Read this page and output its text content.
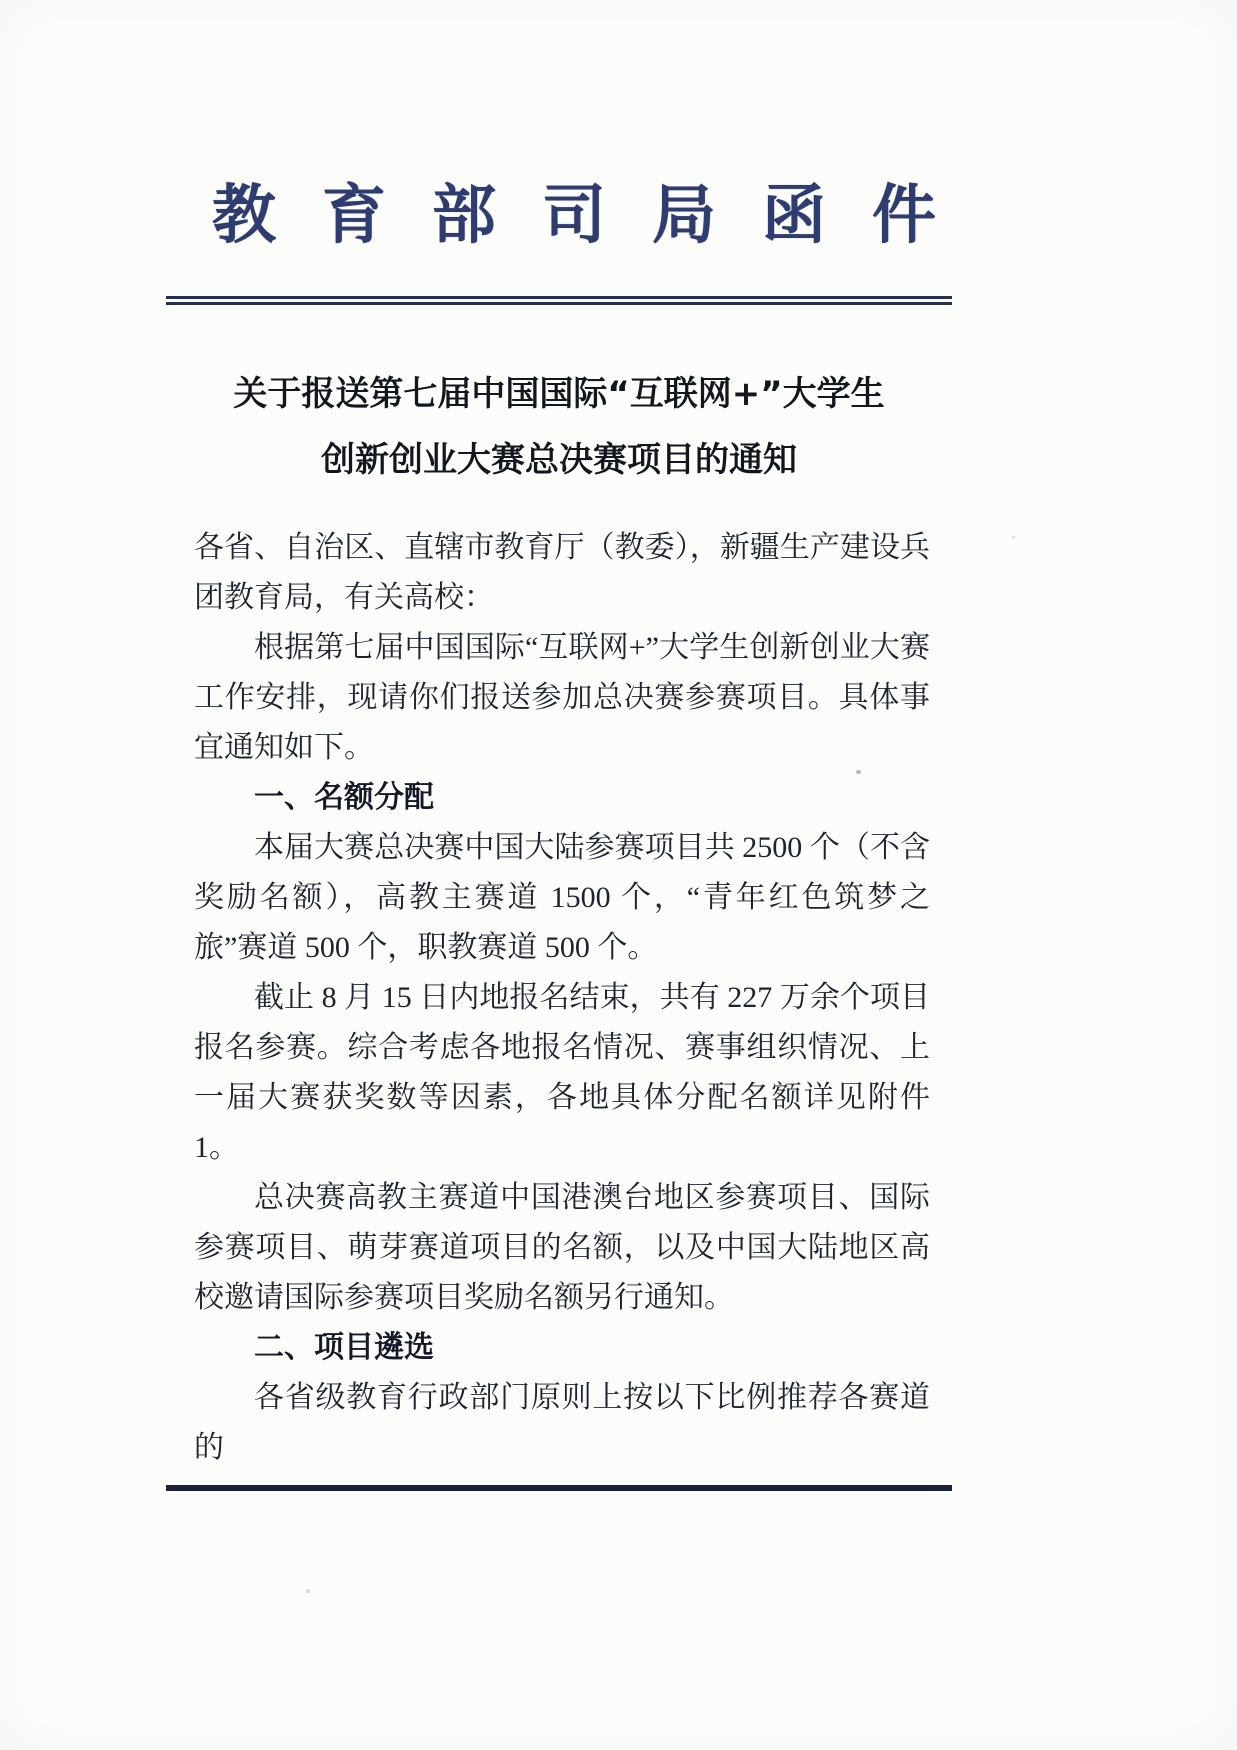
教育部司局函件
关于报送第七届中国国际“互联网+”大学生
创新创业大赛总决赛项目的通知

各省、自治区、直辖市教育厅（教委），新疆生产建设兵团教育局，有关高校：

根据第七届中国国际“互联网+”大学生创新创业大赛工作安排，现请你们报送参加总决赛参赛项目。具体事宜通知如下。

一、名额分配

本届大赛总决赛中国大陆参赛项目共 2500 个（不含奖励名额），高教主赛道 1500 个，“青年红色筑梦之旅”赛道 500 个，职教赛道 500 个。

截止 8 月 15 日内地报名结束，共有 227 万余个项目报名参赛。综合考虑各地报名情况、赛事组织情况、上一届大赛获奖数等因素，各地具体分配名额详见附件 1。

总决赛高教主赛道中国港澳台地区参赛项目、国际参赛项目、萌芽赛道项目的名额，以及中国大陆地区高校邀请国际参赛项目奖励名额另行通知。

二、项目遴选

各省级教育行政部门原则上按以下比例推荐各赛道的
